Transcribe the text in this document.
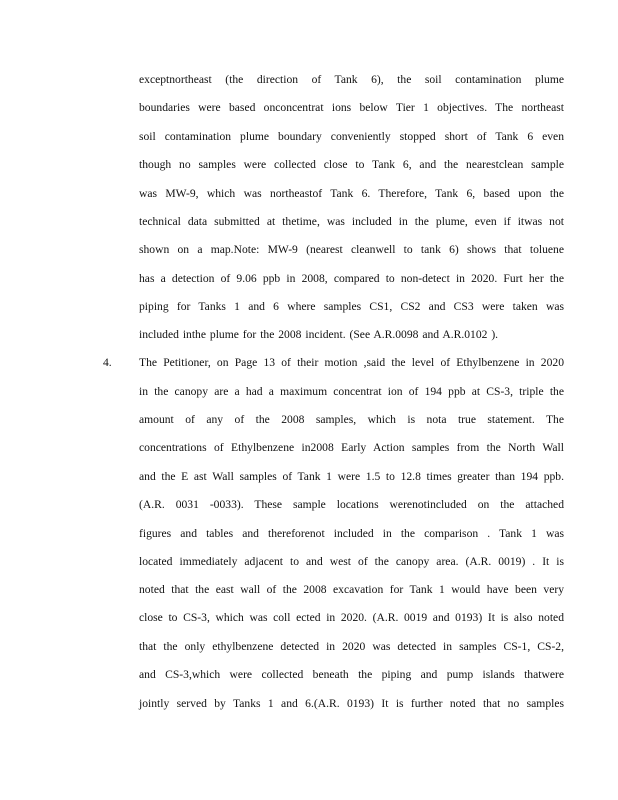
exceptnortheast (the direction of Tank 6), the soil contamination plume
boundaries were based onconcentrat ions below Tier 1 objectives. The northeast
soil contamination plume boundary conveniently stopped short of Tank 6 even
though no samples were collected close to Tank 6, and the nearestclean sample
was MW-9, which was northeastof Tank 6. Therefore, Tank 6, based upon the
technical data submitted at thetime, was included in the plume, even if itwas not
shown on a map.Note: MW-9 (nearest cleanwell to tank 6) shows that toluene
has a detection of 9.06 ppb in 2008, compared to non-detect in 2020. Furt her the
piping for Tanks 1 and 6 where samples CS1, CS2 and CS3 were taken was
included inthe plume for the 2008 incident. (See A.R.0098 and A.R.0102 ).
4. The Petitioner, on Page 13 of their motion ,said the level of Ethylbenzene in 2020
in the canopy are a had a maximum concentrat ion of 194 ppb at CS-3, triple the
amount of any of the 2008 samples, which is nota true statement. The
concentrations of Ethylbenzene in2008 Early Action samples from the North Wall
and the E ast Wall samples of Tank 1 were 1.5 to 12.8 times greater than 194 ppb.
(A.R. 0031 -0033). These sample locations werenotincluded on the attached
figures and tables and thereforenot included in the comparison . Tank 1 was
located immediately adjacent to and west of the canopy area. (A.R. 0019) . It is
noted that the east wall of the 2008 excavation for Tank 1 would have been very
close to CS-3, which was coll ected in 2020. (A.R. 0019 and 0193) It is also noted
that the only ethylbenzene detected in 2020 was detected in samples CS-1, CS-2,
and CS-3,which were collected beneath the piping and pump islands thatwere
jointly served by Tanks 1 and 6.(A.R. 0193) It is further noted that no samples
